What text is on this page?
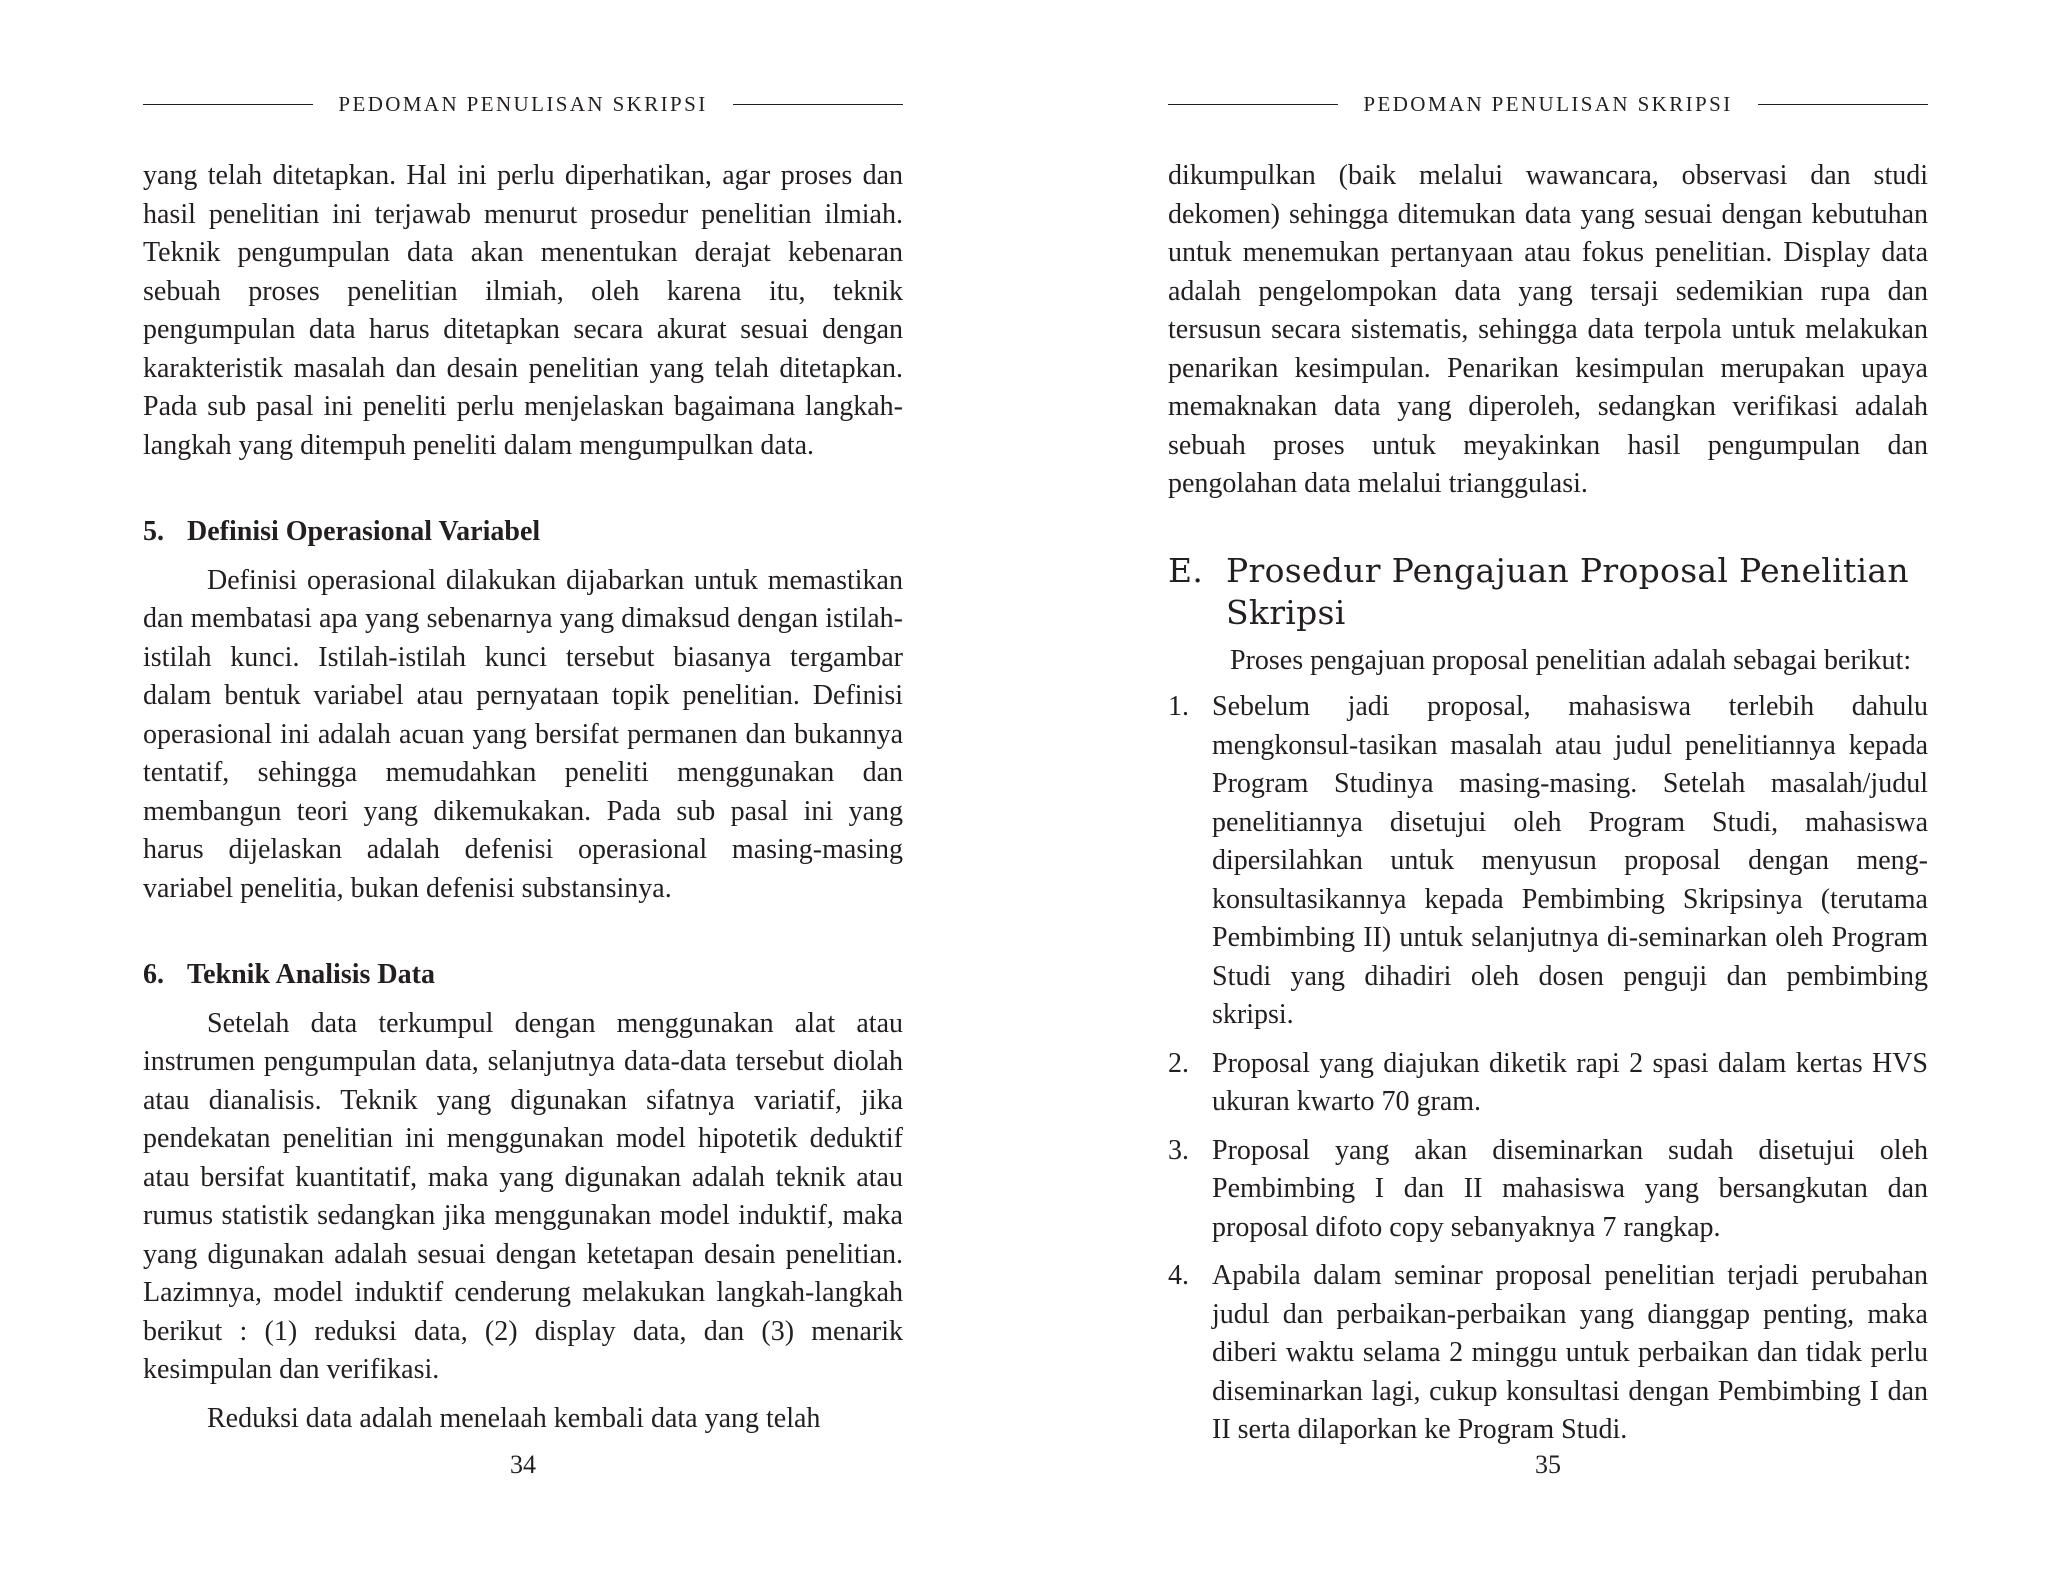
PEDOMAN PENULISAN SKRIPSI

yang telah ditetapkan. Hal ini perlu diperhatikan, agar proses dan hasil penelitian ini terjawab menurut prosedur penelitian ilmiah. Teknik pengumpulan data akan menentukan derajat kebenaran sebuah proses penelitian ilmiah, oleh karena itu, teknik pengumpulan data harus ditetapkan secara akurat sesuai dengan karakteristik masalah dan desain penelitian yang telah ditetapkan. Pada sub pasal ini peneliti perlu menjelaskan bagaimana langkah-langkah yang ditempuh peneliti dalam mengumpulkan data.

5. Definisi Operasional Variabel

Definisi operasional dilakukan dijabarkan untuk memastikan dan membatasi apa yang sebenarnya yang dimaksud dengan istilah-istilah kunci. Istilah-istilah kunci tersebut biasanya tergambar dalam bentuk variabel atau pernyataan topik penelitian. Definisi operasional ini adalah acuan yang bersifat permanen dan bukannya tentatif, sehingga memudahkan peneliti menggunakan dan membangun teori yang dikemukakan. Pada sub pasal ini yang harus dijelaskan adalah defenisi operasional masing-masing variabel penelitia, bukan defenisi substansinya.

6. Teknik Analisis Data

Setelah data terkumpul dengan menggunakan alat atau instrumen pengumpulan data, selanjutnya data-data tersebut diolah atau dianalisis. Teknik yang digunakan sifatnya variatif, jika pendekatan penelitian ini menggunakan model hipotetik deduktif atau bersifat kuantitatif, maka yang digunakan adalah teknik atau rumus statistik sedangkan jika menggunakan model induktif, maka yang digunakan adalah sesuai dengan ketetapan desain penelitian. Lazimnya, model induktif cenderung melakukan langkah-langkah berikut : (1) reduksi data, (2) display data, dan (3) menarik kesimpulan dan verifikasi.

Reduksi data adalah menelaah kembali data yang telah

34
PEDOMAN PENULISAN SKRIPSI

dikumpulkan (baik melalui wawancara, observasi dan studi dekomen) sehingga ditemukan data yang sesuai dengan kebutuhan untuk menemukan pertanyaan atau fokus penelitian. Display data adalah pengelompokan data yang tersaji sedemikian rupa dan tersusun secara sistematis, sehingga data terpola untuk melakukan penarikan kesimpulan. Penarikan kesimpulan merupakan upaya memaknakan data yang diperoleh, sedangkan verifikasi adalah sebuah proses untuk meyakinkan hasil pengumpulan dan pengolahan data melalui trianggulasi.

E. Prosedur Pengajuan Proposal Penelitian Skripsi

Proses pengajuan proposal penelitian adalah sebagai berikut:

1. Sebelum jadi proposal, mahasiswa terlebih dahulu mengkonsul-tasikan masalah atau judul penelitiannya kepada Program Studinya masing-masing. Setelah masalah/judul penelitiannya disetujui oleh Program Studi, mahasiswa dipersilahkan untuk menyusun proposal dengan meng-konsultasikannya kepada Pembimbing Skripsinya (terutama Pembimbing II) untuk selanjutnya di-seminarkan oleh Program Studi yang dihadiri oleh dosen penguji dan pembimbing skripsi.
2. Proposal yang diajukan diketik rapi 2 spasi dalam kertas HVS ukuran kwarto 70 gram.
3. Proposal yang akan diseminarkan sudah disetujui oleh Pembimbing I dan II mahasiswa yang bersangkutan dan proposal difoto copy sebanyaknya 7 rangkap.
4. Apabila dalam seminar proposal penelitian terjadi perubahan judul dan perbaikan-perbaikan yang dianggap penting, maka diberi waktu selama 2 minggu untuk perbaikan dan tidak perlu diseminarkan lagi, cukup konsultasi dengan Pembimbing I dan II serta dilaporkan ke Program Studi.
35
